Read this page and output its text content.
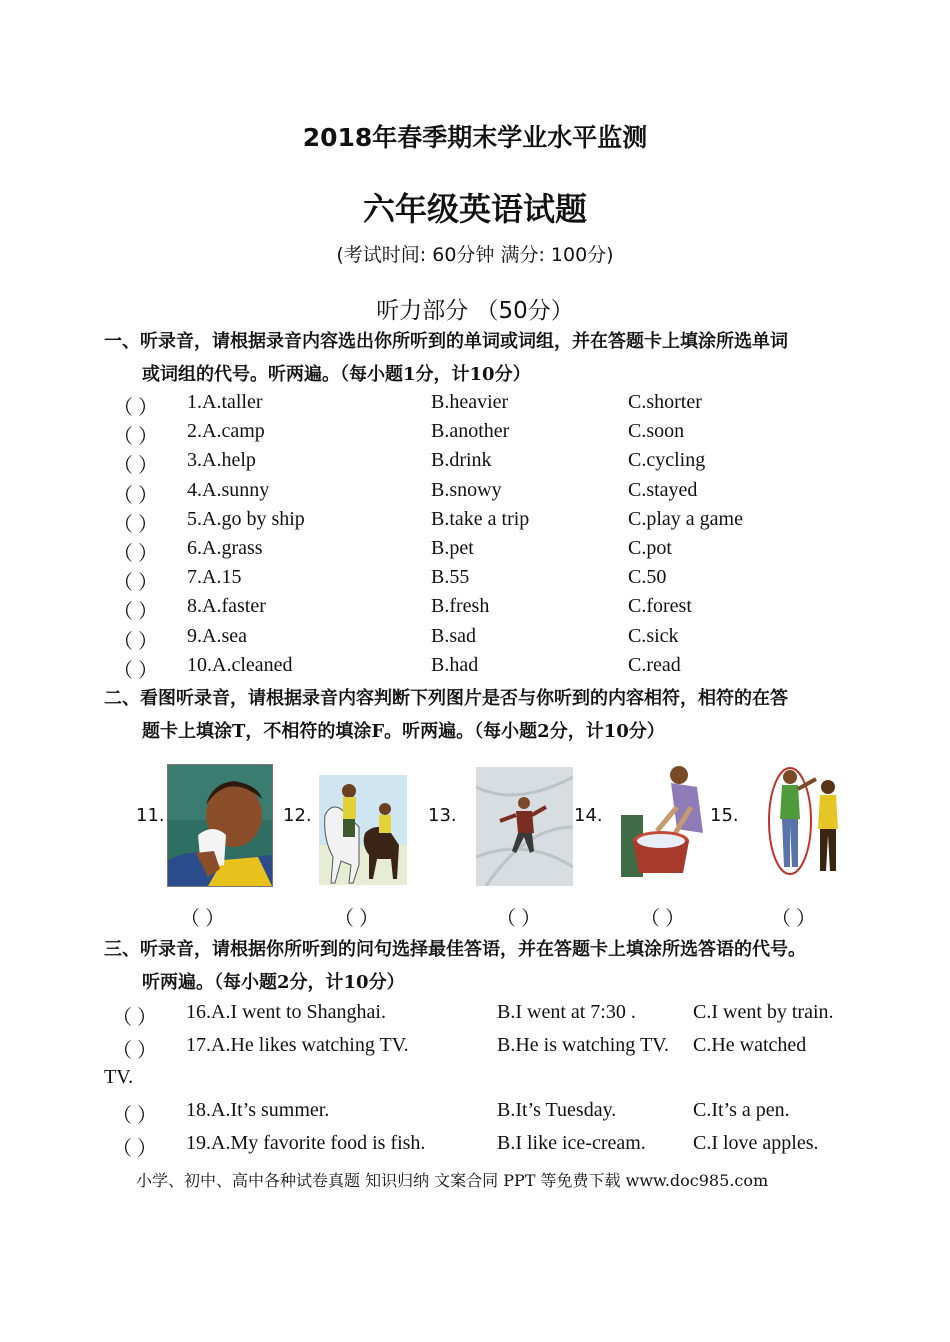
2018年春季期末学业水平监测
六年级英语试题
(考试时间: 60分钟 满分: 100分)
听力部分 （50分）
一、听录音，请根据录音内容选出你所听到的单词或词组，并在答题卡上填涂所选单词
或词组的代号。听两遍。（每小题1分，计10分）
（ ） 1.A.taller	B.heavier	C.shorter
（ ） 2.A.camp	B.another	C.soon
（ ） 3.A.help	B.drink	C.cycling
（ ） 4.A.sunny	B.snowy	C.stayed
（ ） 5.A.go by ship	B.take a trip	C.play a game
（ ） 6.A.grass	B.pet	C.pot
（ ） 7.A.15	B.55	C.50
（ ） 8.A.faster	B.fresh	C.forest
（ ） 9.A.sea	B.sad	C.sick
（ ） 10.A.cleaned	B.had	C.read
二、看图听录音，请根据录音内容判断下列图片是否与你听到的内容相符，相符的在答
题卡上填涂T，不相符的填涂F。听两遍。（每小题2分，计10分）
11.	12.	13.	14.	15.
（ ）	（ ）	（ ）	（ ）	（ ）
三、听录音，请根据你所听到的问句选择最佳答语，并在答题卡上填涂所选答语的代号。
听两遍。（每小题2分，计10分）
（ ） 16.A.I went to Shanghai.	B.I went at 7:30 .	C.I went by train.
（ ） 17.A.He likes watching TV.	B.He is watching TV. C.He watched
TV.
（ ） 18.A.It’s summer.	B.It’s Tuesday.	C.It’s a pen.
（ ） 19.A.My favorite food is fish.	B.I like ice-cream. C.I love apples.
小学、初中、高中各种试卷真题 知识归纳 文案合同 PPT 等免费下载 www.doc985.com
